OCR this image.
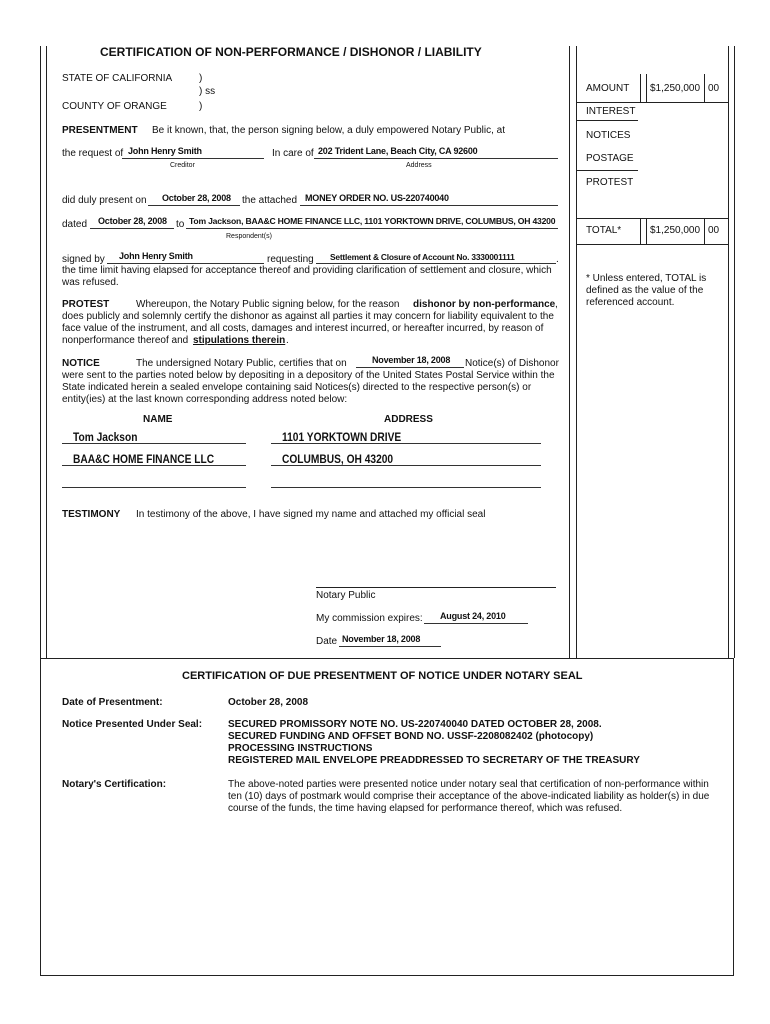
CERTIFICATION OF NON-PERFORMANCE / DISHONOR / LIABILITY
STATE OF CALIFORNIA	)
) ss
COUNTY OF ORANGE	)
PRESENTMENT Be it known, that, the person signing below, a duly empowered Notary Public, at
the request of John Henry Smith	In care of 202 Trident Lane, Beach City, CA 92600
Creditor	Address
did duly present on October 28, 2008 the attached MONEY ORDER NO. US-220740040
dated October 28, 2008 to Tom Jackson, BAA&C HOME FINANCE LLC, 1101 YORKTOWN DRIVE, COLUMBUS, OH 43200
Respondent(s)
signed by John Henry Smith	requesting Settlement & Closure of Account No. 3330001111	.
the time limit having elapsed for acceptance thereof and providing clarification of settlement and closure, which
was refused.
PROTEST	Whereupon, the Notary Public signing below, for the reason dishonor by non-performance ,
does publicly and solemnly certify the dishonor as against all parties it may concern for liability equivalent to the
face value of the instrument, and all costs, damages and interest incurred, or hereafter incurred, by reason of
nonperformance thereof and stipulations therein .
NOTICE	The undersigned Notary Public, certifies that on	November 18, 2008 Notice(s) of Dishonor
were sent to the parties noted below by depositing in a depository of the United States Postal Service within the
State indicated herein a sealed envelope containing said Notices(s) directed to the respective person(s) or
entity(ies) at the last known corresponding address noted below:
NAME	ADDRESS
Tom Jackson	1101 YORKTOWN DRIVE
BAA&C HOME FINANCE LLC	COLUMBUS, OH 43200
TESTIMONY In testimony of the above, I have signed my name and attached my official seal
Notary Public
My commission expires: August 24, 2010
Date November 18, 2008
AMOUNT $1,250,000 00
INTEREST
NOTICES
POSTAGE
PROTEST
TOTAL*	$1,250,000 00
* Unless entered, TOTAL is
defined as the value of the
referenced account.
CERTIFICATION OF DUE PRESENTMENT OF NOTICE UNDER NOTARY SEAL
Date of Presentment:	October 28, 2008
Notice Presented Under Seal:	SECURED PROMISSORY NOTE NO. US-220740040 DATED OCTOBER 28, 2008.
SECURED FUNDING AND OFFSET BOND NO. USSF-2208082402 (photocopy)
PROCESSING INSTRUCTIONS
REGISTERED MAIL ENVELOPE PREADDRESSED TO SECRETARY OF THE TREASURY
Notary's Certification:	The above-noted parties were presented notice under notary seal that certification of non-performance within
ten (10) days of postmark would comprise their acceptance of the above-indicated liability as holder(s) in due
course of the funds, the time having elapsed for performance thereof, which was refused.
